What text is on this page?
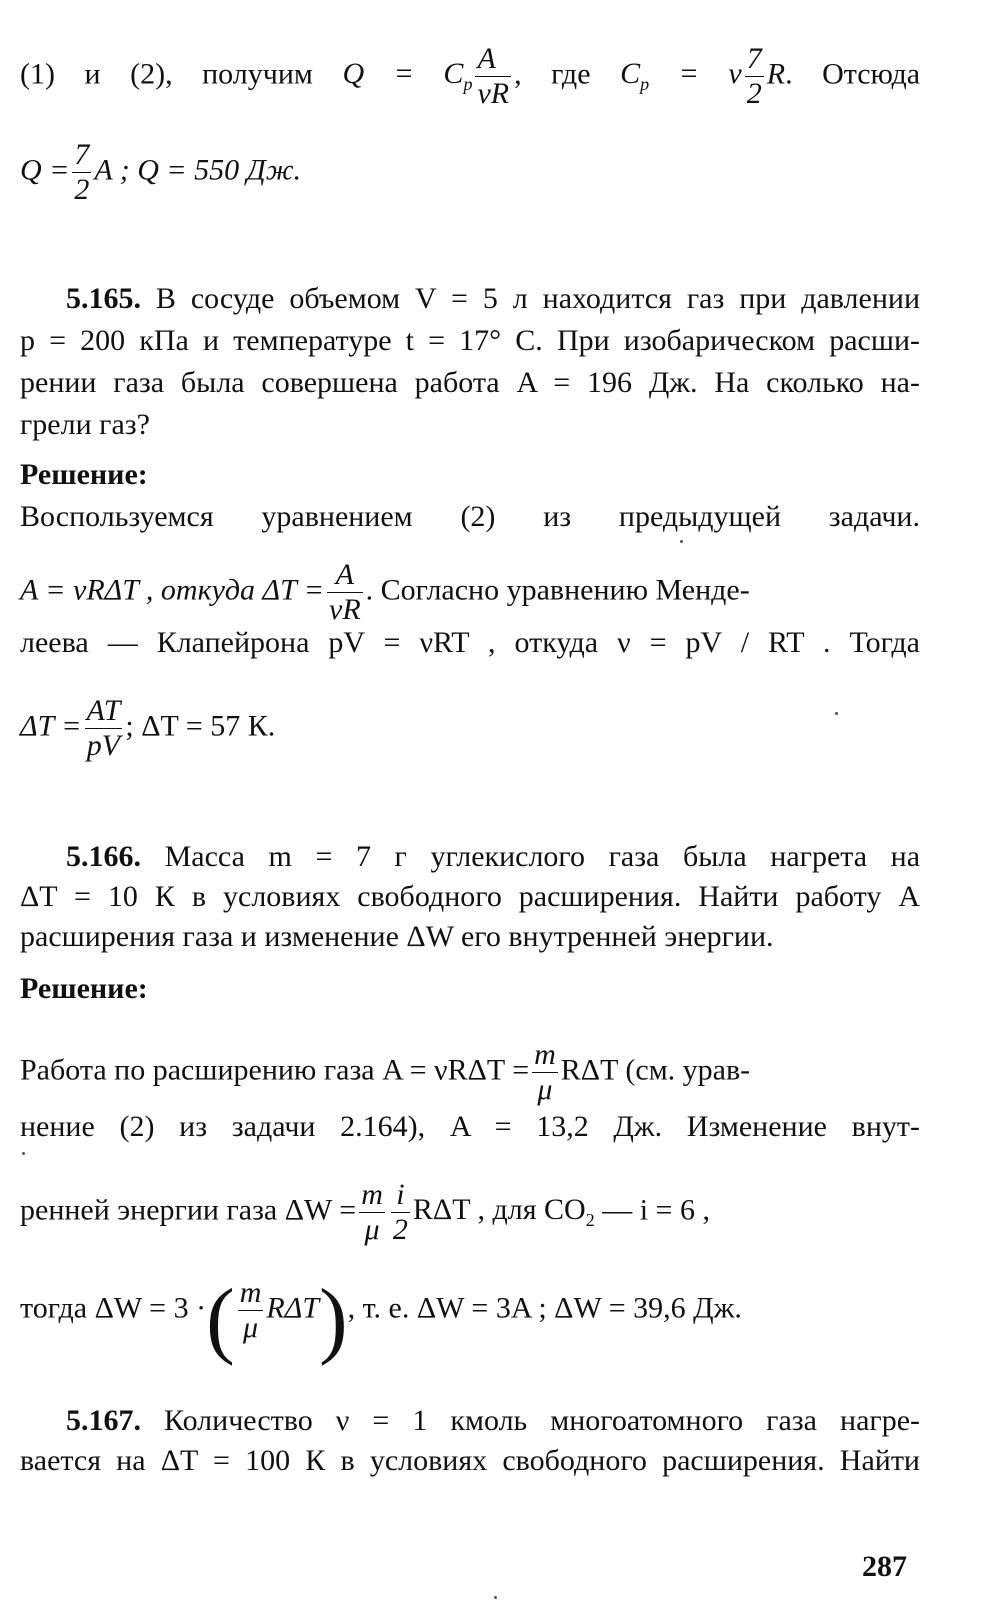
(1) и (2), получим $Q = C_p \frac{A}{\nu R}$ , где $C_p = \nu \frac{7}{2} R$. Отсюда
$Q = \frac{7}{2}$ A ; Q = 550 Дж.
5.165. В сосуде объемом V = 5 л находится газ при давлении
p = 200 кПа и температуре t = 17° C. При изобарическом расши-
рении газа была совершена работа A = 196 Дж. На сколько на-
грели газ?
Решение:
Воспользуемся уравнением (2) из предыдущей задачи.
A = νRΔT , откуда $\Delta T = \frac{A}{\nu R}$ . Согласно уравнению Менде-
леева — Клапейрона pV = νRT , откуда ν = pV / RT . Тогда
$\Delta T = \frac{AT}{pV}$ ; ΔT = 57 К.
5.166. Масса m = 7 г углекислого газа была нагрета на
ΔT = 10 К в условиях свободного расширения. Найти работу A
расширения газа и изменение ΔW его внутренней энергии.
Решение:
Работа по расширению газа $A = \nu R\Delta T = \frac{m}{\mu}$ RΔT (см. урав-
нение (2) из задачи 2.164), A = 13,2 Дж. Изменение внут-
ренней энергии газа $\Delta W = \frac{m}{\mu} \frac{i}{2}$ RΔT , для $CO_2$ — i = 6 ,
тогда ΔW = 3 ·( $\frac{m}{\mu} R\Delta T$), т. е. ΔW = 3A ; ΔW = 39,6 Дж.
5.167. Количество ν = 1 кмоль многоатомного газа нагре-
вается на ΔT = 100 К в условиях свободного расширения. Найти
287
